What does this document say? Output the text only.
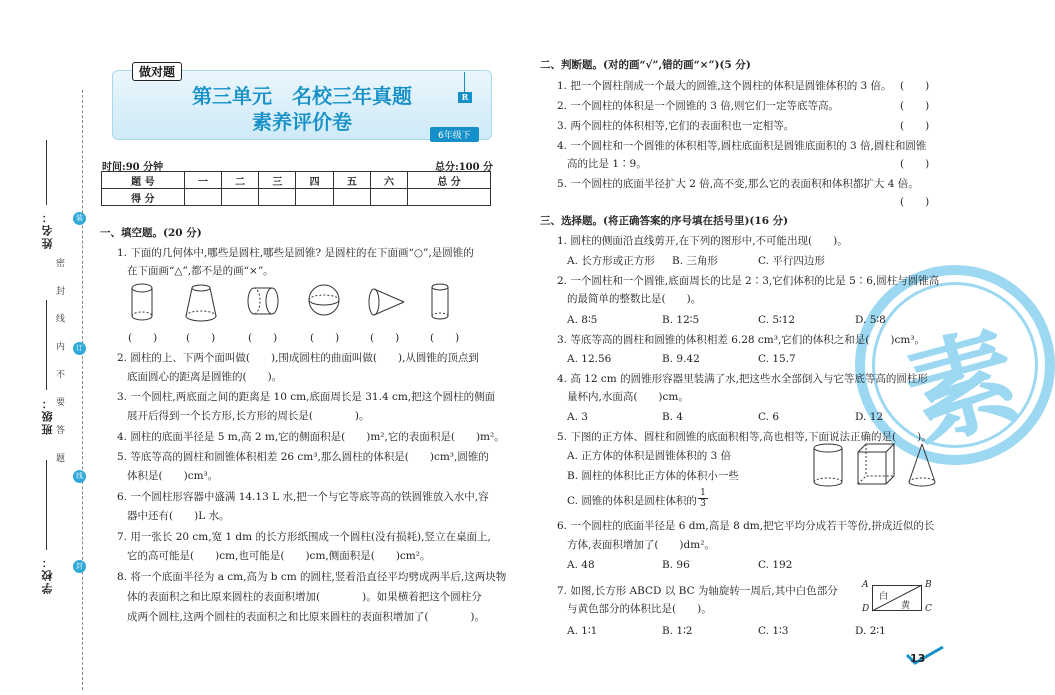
姓名：
班级：
学校：
密 封 线 内 不 要 答 题
装
订
线
封
做对题
第三单元　名校三年真题
素养评价卷
R
6年级下
时间:90 分钟	总分:100 分
题 号	一	二	三	四	五	六	总 分
得 分							
一、填空题。(20 分)
1. 下面的几何体中,哪些是圆柱,哪些是圆锥? 是圆柱的在下面画“○”,是圆锥的
在下面画“△”,都不是的画“×”。
(　　)	(　　)	(　　)	(　　)	(　　)	(　　)
2. 圆柱的上、下两个面叫做(　　),围成圆柱的曲面叫做(　　),从圆锥的顶点到
底面圆心的距离是圆锥的(　　)。
3. 一个圆柱,两底面之间的距离是 10 cm,底面周长是 31.4 cm,把这个圆柱的侧面
展开后得到一个长方形,长方形的周长是(　　　　)。
4. 圆柱的底面半径是 5 m,高 2 m,它的侧面积是(　　)m²,它的表面积是(　　)m²。
5. 等底等高的圆柱和圆锥体积相差 26 cm³,那么圆柱的体积是(　　)cm³,圆锥的
体积是(　　)cm³。
6. 一个圆柱形容器中盛满 14.13 L 水,把一个与它等底等高的铁圆锥放入水中,容
器中还有(　　)L 水。
7. 用一张长 20 cm,宽 1 dm 的长方形纸围成一个圆柱(没有损耗),竖立在桌面上,
它的高可能是(　　)cm,也可能是(　　)cm,侧面积是(　　)cm²。
8. 将一个底面半径为 a cm,高为 b cm 的圆柱,竖着沿直径平均劈成两半后,这两块物
体的表面积之和比原来圆柱的表面积增加(　　　　)。如果横着把这个圆柱分
成两个圆柱,这两个圆柱的表面积之和比原来圆柱的表面积增加了(　　　　)。
素
二、判断题。(对的画“√”,错的画“×”)(5 分)
1. 把一个圆柱削成一个最大的圆锥,这个圆柱的体积是圆锥体积的 3 倍。 (　　)
2. 一个圆柱的体积是一个圆锥的 3 倍,则它们一定等底等高。	(　　)
3. 两个圆柱的体积相等,它们的表面积也一定相等。	(　　)
4. 一个圆柱和一个圆锥的体积相等,圆柱底面积是圆锥底面积的 3 倍,圆柱和圆锥
高的比是 1∶9。	(　　)
5. 一个圆柱的底面半径扩大 2 倍,高不变,那么它的表面积和体积都扩大 4 倍。
(　　)
三、选择题。(将正确答案的序号填在括号里)(16 分)
1. 圆柱的侧面沿直线剪开,在下列的图形中,不可能出现(　　)。
A. 长方形或正方形 B. 三角形	C. 平行四边形
2. 一个圆柱和一个圆锥,底面周长的比是 2∶3,它们体积的比是 5∶6,圆柱与圆锥高
的最简单的整数比是(　　)。
A. 8∶5	B. 12∶5	C. 5∶12	D. 5∶8
3. 等底等高的圆柱和圆锥的体积相差 6.28 cm³,它们的体积之和是(　　)cm³。
A. 12.56	B. 9.42	C. 15.7
4. 高 12 cm 的圆锥形容器里装满了水,把这些水全部倒入与它等底等高的圆柱形
量杯内,水面高(　　)cm。
A. 3	B. 4	C. 6	D. 12
5. 下图的正方体、圆柱和圆锥的底面积相等,高也相等,下面说法正确的是(　　)。
A. 正方体的体积是圆锥体积的 3 倍
B. 圆柱的体积比正方体的体积小一些
C. 圆锥的体积是圆柱体积的 $\frac{1}{3}$
6. 一个圆柱的底面半径是 6 dm,高是 8 dm,把它平均分成若干等份,拼成近似的长
方体,表面积增加了(　　)dm²。
A. 48	B. 96	C. 192
7. 如图,长方形 ABCD 以 BC 为轴旋转一周后,其中白色部分
与黄色部分的体积比是(　　)。
白
黄
A	B
C
D
A. 1∶1	B. 1∶2	C. 1∶3	D. 2∶1
13
